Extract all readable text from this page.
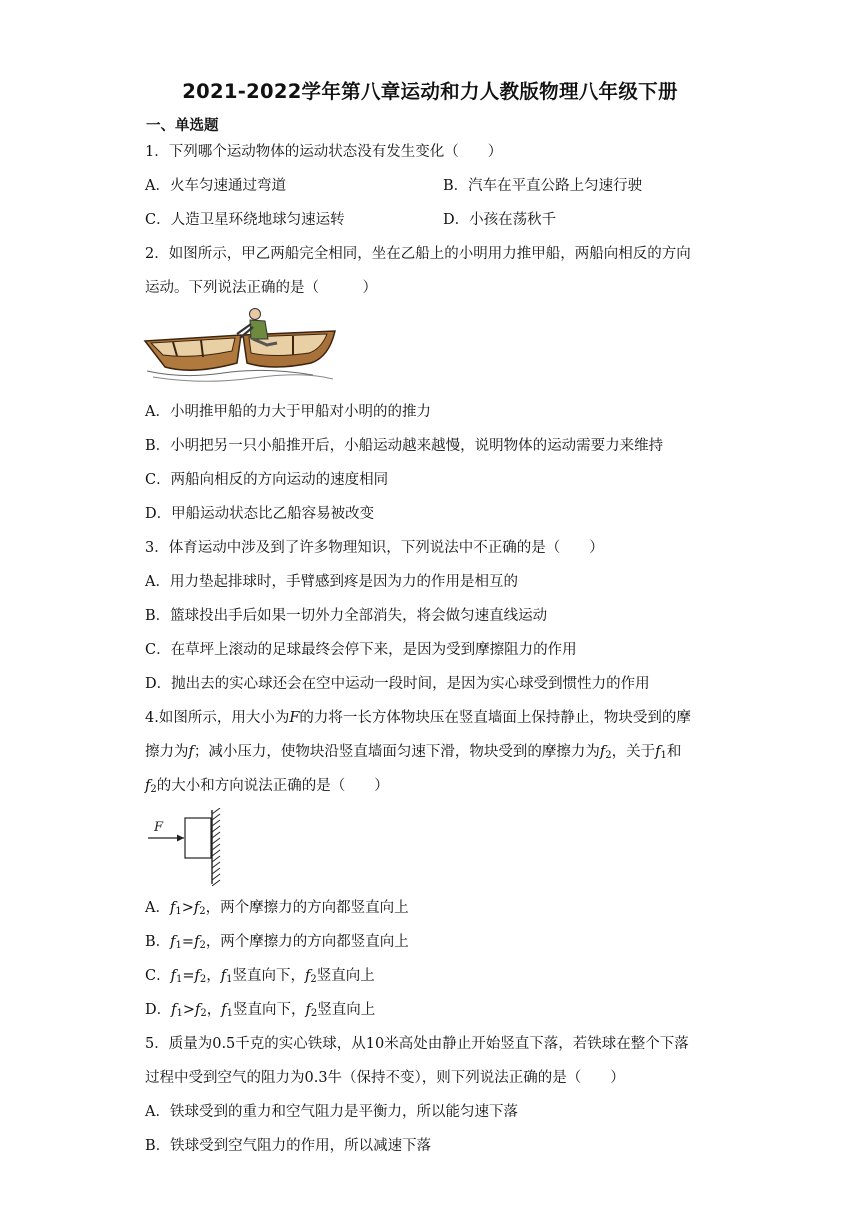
2021-2022学年第八章运动和力人教版物理八年级下册
一、单选题
1．下列哪个运动物体的运动状态没有发生变化（　　）
A．火车匀速通过弯道	B．汽车在平直公路上匀速行驶
C．人造卫星环绕地球匀速运转	D．小孩在荡秋千
2．如图所示，甲乙两船完全相同，坐在乙船上的小明用力推甲船，两船向相反的方向
运动。下列说法正确的是（　　　）
A．小明推甲船的力大于甲船对小明的的推力
B．小明把另一只小船推开后，小船运动越来越慢，说明物体的运动需要力来维持
C．两船向相反的方向运动的速度相同
D．甲船运动状态比乙船容易被改变
3．体育运动中涉及到了许多物理知识，下列说法中不正确的是（　　）
A．用力垫起排球时，手臂感到疼是因为力的作用是相互的
B．篮球投出手后如果一切外力全部消失，将会做匀速直线运动
C．在草坪上滚动的足球最终会停下来，是因为受到摩擦阻力的作用
D．抛出去的实心球还会在空中运动一段时间，是因为实心球受到惯性力的作用
4.如图所示，用大小为F的力将一长方体物块压在竖直墙面上保持静止，物块受到的摩
擦力为f；减小压力，使物块沿竖直墙面匀速下滑，物块受到的摩擦力为$f_2$，关于$f_1$和
$f_2$的大小和方向说法正确的是（　　）
F
A．$f_1>f_2$，两个摩擦力的方向都竖直向上
B．$f_1=f_2$，两个摩擦力的方向都竖直向上
C．$f_1=f_2$，$f_1$竖直向下，$f_2$竖直向上
D．$f_1>f_2$，$f_1$竖直向下，$f_2$竖直向上
5．质量为0.5千克的实心铁球，从10米高处由静止开始竖直下落，若铁球在整个下落
过程中受到空气的阻力为0.3牛（保持不变），则下列说法正确的是（　　）
A．铁球受到的重力和空气阻力是平衡力，所以能匀速下落
B．铁球受到空气阻力的作用，所以减速下落
